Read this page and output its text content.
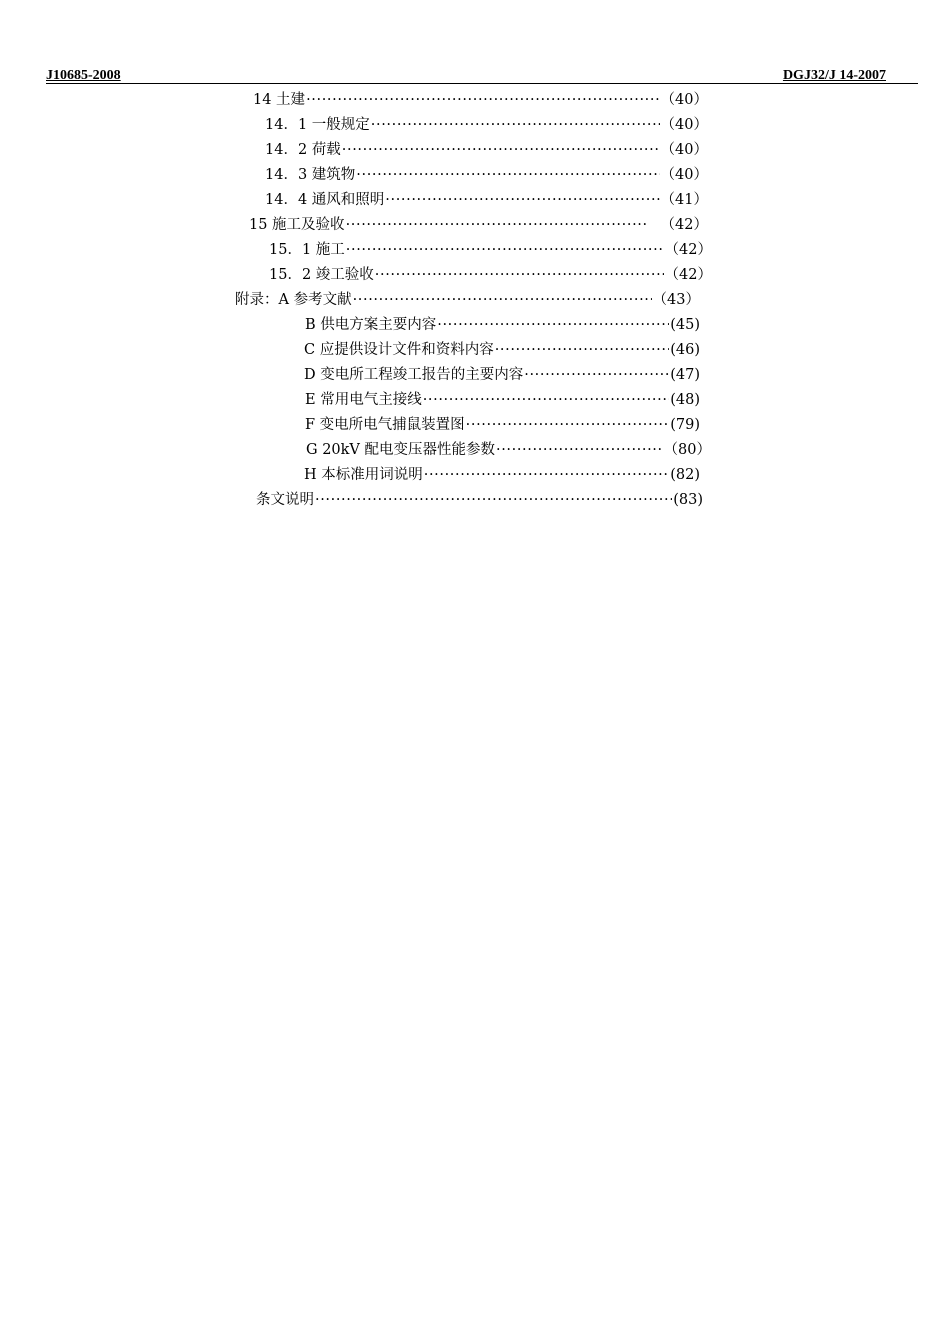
J10685-2008	DGJ32/J 14-2007
14 土建 ·····	（40）
14．1 一般规定 ·····	（40）
14．2 荷载 ·····	（40）
14．3 建筑物 ·····	（40）
14．4 通风和照明 ·····	（41）
15 施工及验收 ·····	（42）
15．1 施工 ·····	（42）
15．2 竣工验收 ·····	（42）
附录：A 参考文献 ·····	（43）
B 供电方案主要内容 ·····	(45)
C 应提供设计文件和资料内容 ·····	(46)
D 变电所工程竣工报告的主要内容 ·····	(47)
E 常用电气主接线 ·····	(48)
F 变电所电气捕鼠装置图 ·····	(79)
G 20kV 配电变压器性能参数 ·····	（80）
H 本标准用词说明 ·····	(82)
条文说明 ·····	(83)
